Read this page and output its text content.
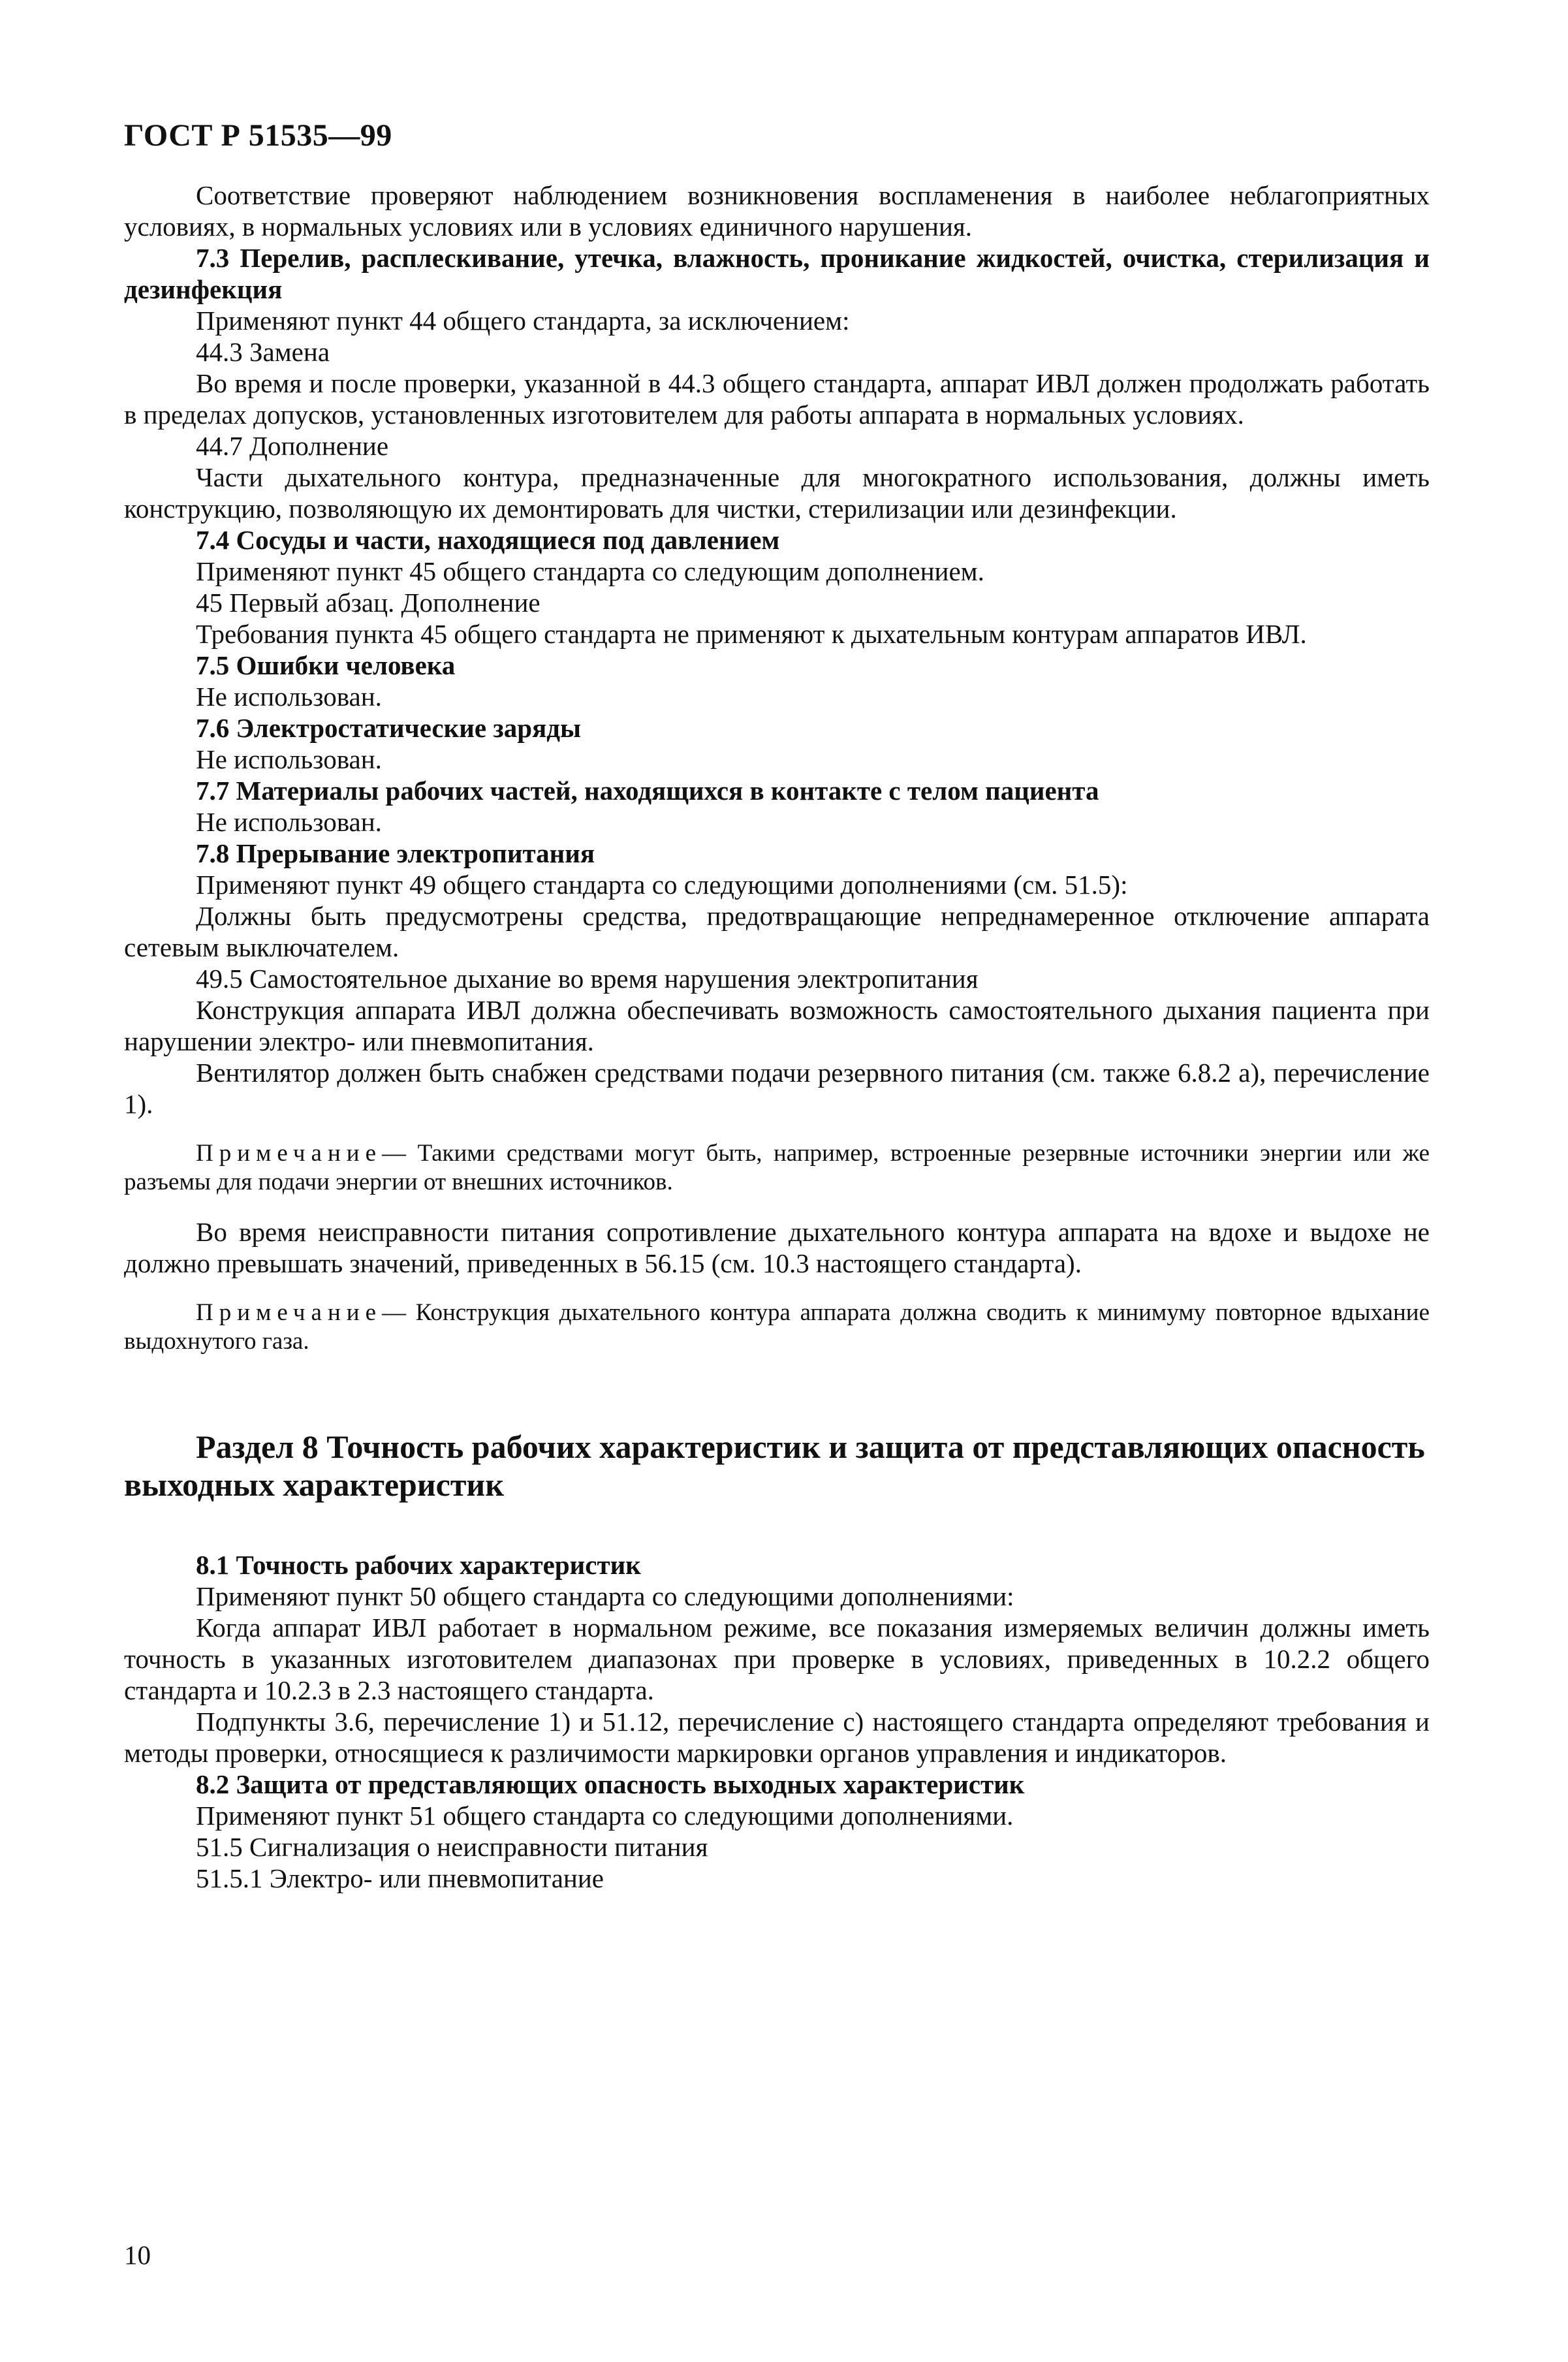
ГОСТ Р 51535—99

Соответствие проверяют наблюдением возникновения воспламенения в наиболее неблагоприятных условиях, в нормальных условиях или в условиях единичного нарушения.

7.3 Перелив, расплескивание, утечка, влажность, проникание жидкостей, очистка, стерилизация и дезинфекция

Применяют пункт 44 общего стандарта, за исключением:

44.3 Замена

Во время и после проверки, указанной в 44.3 общего стандарта, аппарат ИВЛ должен продолжать работать в пределах допусков, установленных изготовителем для работы аппарата в нормальных условиях.

44.7 Дополнение

Части дыхательного контура, предназначенные для многократного использования, должны иметь конструкцию, позволяющую их демонтировать для чистки, стерилизации или дезинфекции.

7.4 Сосуды и части, находящиеся под давлением

Применяют пункт 45 общего стандарта со следующим дополнением.

45 Первый абзац. Дополнение

Требования пункта 45 общего стандарта не применяют к дыхательным контурам аппаратов ИВЛ.

7.5 Ошибки человека

Не использован.

7.6 Электростатические заряды

Не использован.

7.7 Материалы рабочих частей, находящихся в контакте с телом пациента

Не использован.

7.8 Прерывание электропитания

Применяют пункт 49 общего стандарта со следующими дополнениями (см. 51.5):

Должны быть предусмотрены средства, предотвращающие непреднамеренное отключение аппарата сетевым выключателем.

49.5 Самостоятельное дыхание во время нарушения электропитания

Конструкция аппарата ИВЛ должна обеспечивать возможность самостоятельного дыхания пациента при нарушении электро- или пневмопитания.

Вентилятор должен быть снабжен средствами подачи резервного питания (см. также 6.8.2 а), перечисление 1).

Примечание— Такими средствами могут быть, например, встроенные резервные источники энергии или же разъемы для подачи энергии от внешних источников.

Во время неисправности питания сопротивление дыхательного контура аппарата на вдохе и выдохе не должно превышать значений, приведенных в 56.15 (см. 10.3 настоящего стандарта).

Примечание— Конструкция дыхательного контура аппарата должна сводить к минимуму повторное вдыхание выдохнутого газа.

Раздел 8 Точность рабочих характеристик и защита от представляющих опасность выходных характеристик

8.1 Точность рабочих характеристик

Применяют пункт 50 общего стандарта со следующими дополнениями:

Когда аппарат ИВЛ работает в нормальном режиме, все показания измеряемых величин должны иметь точность в указанных изготовителем диапазонах при проверке в условиях, приведенных в 10.2.2 общего стандарта и 10.2.3 в 2.3 настоящего стандарта.

Подпункты 3.6, перечисление 1) и 51.12, перечисление с) настоящего стандарта определяют требования и методы проверки, относящиеся к различимости маркировки органов управления и индикаторов.

8.2 Защита от представляющих опасность выходных характеристик

Применяют пункт 51 общего стандарта со следующими дополнениями.

51.5 Сигнализация о неисправности питания

51.5.1 Электро- или пневмопитание

10
